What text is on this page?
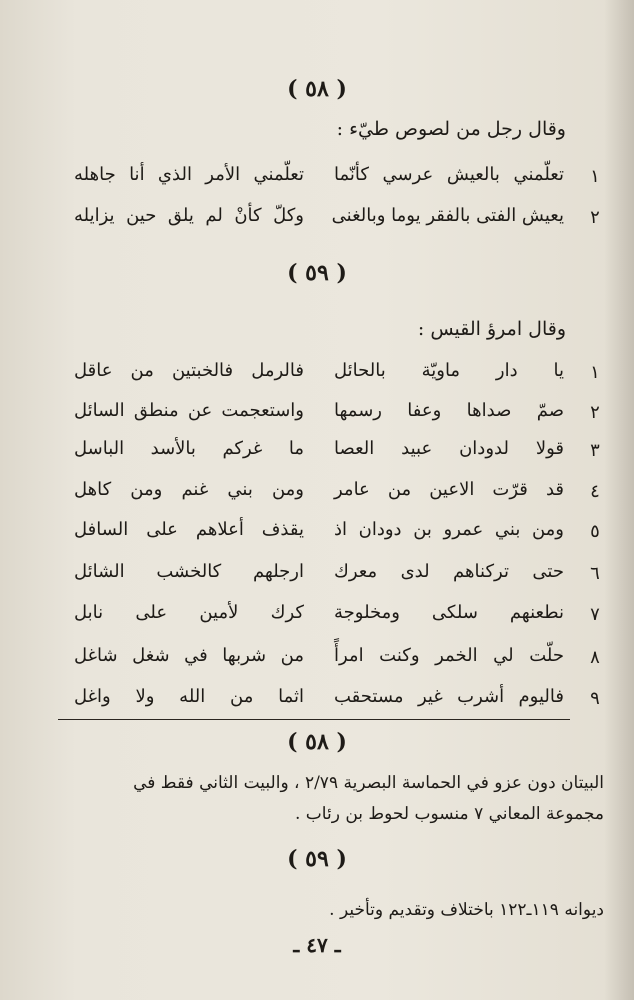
( ٥٨ )
وقال رجل من لصوص طيّء :
١
تعلّمني بالعيش عرسي كأنّما
تعلّمني الأمر الذي أنا جاهله
٢
يعيش الفتى بالفقر يوما وبالغنى
وكلّ كأنْ لم يلق حين يزايله
( ٥٩ )
وقال امرؤ القيس :
١
يا دار ماويّة بالحائل
فالرمل فالخبتين من عاقل
٢
صمّ صداها وعفا رسمها
واستعجمت عن منطق السائل
٣
قولا لدودان عبيد العصا
ما غركم بالأسد الباسل
٤
قد قرّت الاعين من عامر
ومن بني غنم ومن كاهل
٥
ومن بني عمرو بن دودان اذ
يقذف أعلاهم على السافل
٦
حتى تركناهم لدى معرك
ارجلهم كالخشب الشائل
٧
نطعنهم سلكى ومخلوجة
كرك لأمين على نابل
٨
حلّت لي الخمر وكنت امرأً
من شربها في شغل شاغل
٩
فاليوم أشرب غير مستحقب
اثما من الله ولا واغل
( ٥٨ )
البيتان دون عزو في الحماسة البصرية ٢/٧٩ ، والبيت الثاني فقط في
مجموعة المعاني ٧ منسوب لحوط بن رئاب .
( ٥٩ )
ديوانه ١١٩ـ١٢٢ باختلاف وتقديم وتأخير .
ـ ٤٧ ـ
